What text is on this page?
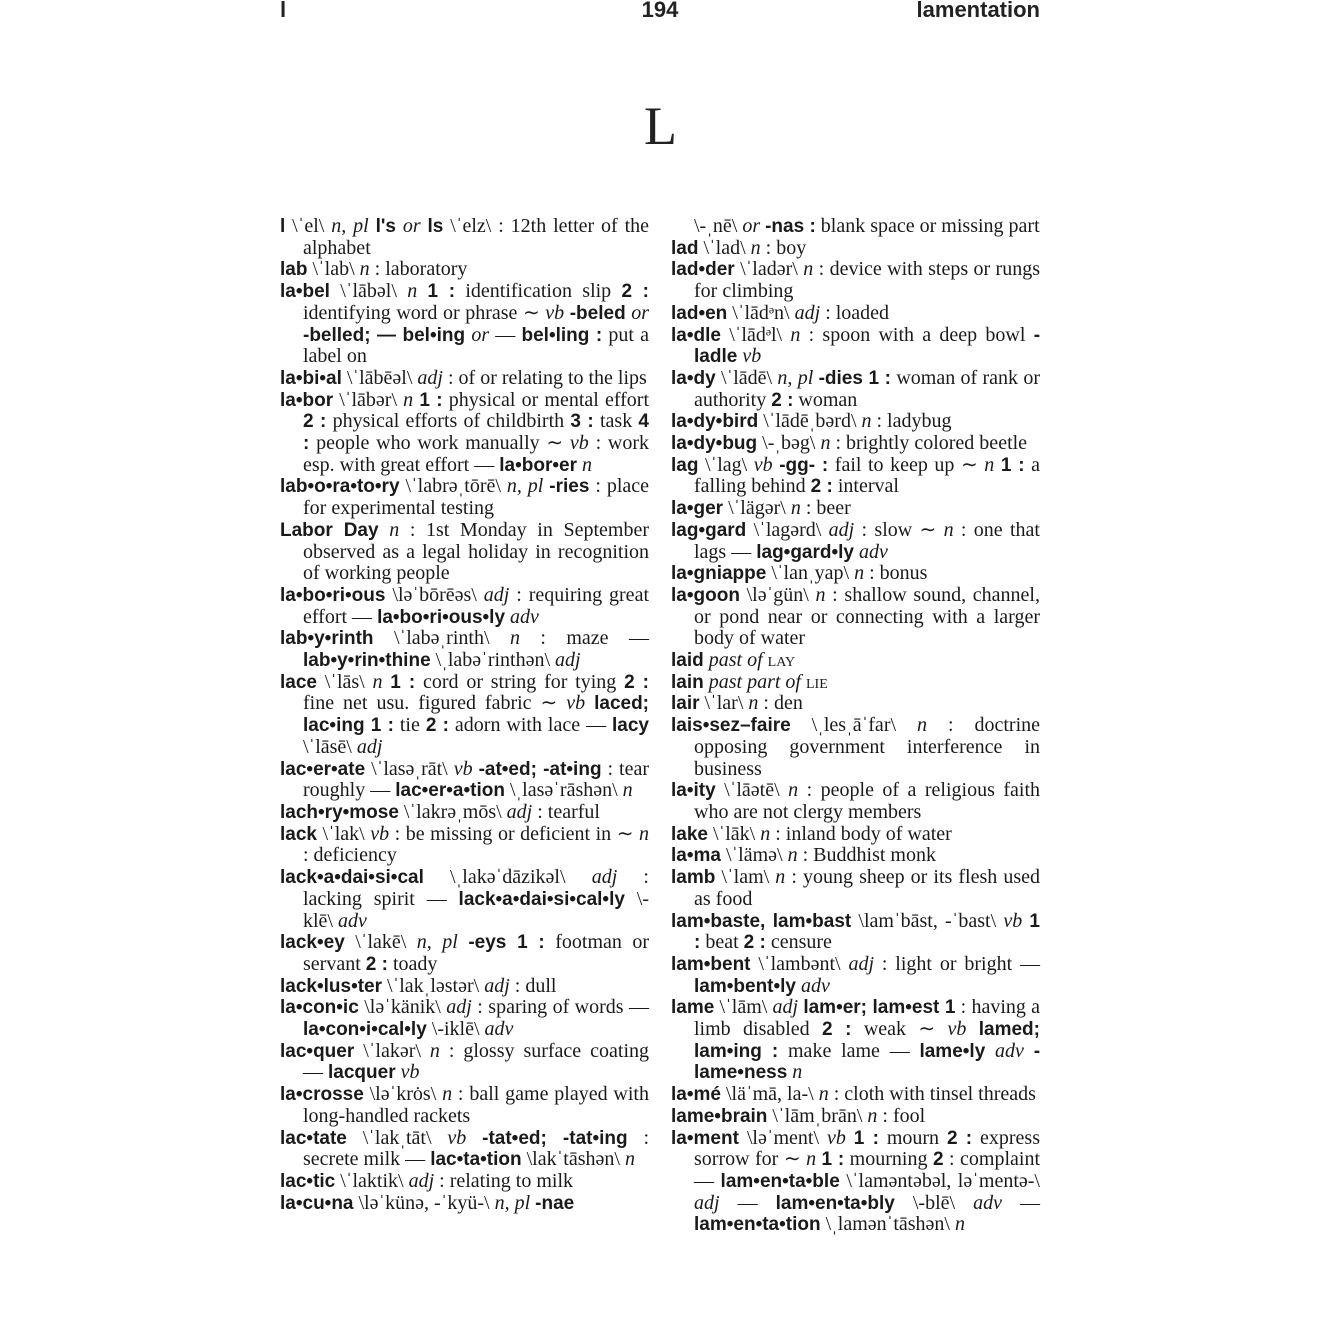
l	194	lamentation
L

l \ˈel\ n, pl l's or ls \ˈelz\ : 12th letter of the alphabet

lab \ˈlab\ n : laboratory

la•bel \ˈlābəl\ n 1 : identification slip 2 : identifying word or phrase ∼ vb -beled or -belled; — bel•ing or — bel•ling : put a label on

la•bi•al \ˈlābēəl\ adj : of or relating to the lips

la•bor \ˈlābər\ n 1 : physical or mental effort 2 : physical efforts of childbirth 3 : task 4 : people who work manually ∼ vb : work esp. with great effort — la•bor•er n

lab•o•ra•to•ry \ˈlabrəˌtōrē\ n, pl -ries : place for experimental testing

Labor Day n : 1st Monday in September observed as a legal holiday in recognition of working people

la•bo•ri•ous \ləˈbōrēəs\ adj : requiring great effort — la•bo•ri•ous•ly adv

lab•y•rinth \ˈlabəˌrinth\ n : maze — lab•y•rin•thine \ˌlabəˈrinthən\ adj

lace \ˈlās\ n 1 : cord or string for tying 2 : fine net usu. figured fabric ∼ vb laced; lac•ing 1 : tie 2 : adorn with lace — lacy \ˈlāsē\ adj

lac•er•ate \ˈlasəˌrāt\ vb -at•ed; -at•ing : tear roughly — lac•er•a•tion \ˌlasəˈrāshən\ n

lach•ry•mose \ˈlakrəˌmōs\ adj : tearful

lack \ˈlak\ vb : be missing or deficient in ∼ n : deficiency

lack•a•dai•si•cal \ˌlakəˈdāzikəl\ adj : lacking spirit — lack•a•dai•si•cal•ly \-klē\ adv

lack•ey \ˈlakē\ n, pl -eys 1 : footman or servant 2 : toady

lack•lus•ter \ˈlakˌləstər\ adj : dull

la•con•ic \ləˈkänik\ adj : sparing of words — la•con•i•cal•ly \-iklē\ adv

lac•quer \ˈlakər\ n : glossy surface coating — lacquer vb

la•crosse \ləˈkrȯs\ n : ball game played with long-handled rackets

lac•tate \ˈlakˌtāt\ vb -tat•ed; -tat•ing : secrete milk — lac•ta•tion \lakˈtāshən\ n

lac•tic \ˈlaktik\ adj : relating to milk

la•cu•na \ləˈkünə, -ˈkyü-\ n, pl -nae

\-ˌnē\ or -nas : blank space or missing part

lad \ˈlad\ n : boy

lad•der \ˈladər\ n : device with steps or rungs for climbing

lad•en \ˈlādᵊn\ adj : loaded

la•dle \ˈlādᵊl\ n : spoon with a deep bowl -ladle vb

la•dy \ˈlādē\ n, pl -dies 1 : woman of rank or authority 2 : woman

la•dy•bird \ˈlādēˌbərd\ n : ladybug

la•dy•bug \-ˌbəg\ n : brightly colored beetle

lag \ˈlag\ vb -gg- : fail to keep up ∼ n 1 : a falling behind 2 : interval

la•ger \ˈlägər\ n : beer

lag•gard \ˈlagərd\ adj : slow ∼ n : one that lags — lag•gard•ly adv

la•gniappe \ˈlanˌyap\ n : bonus

la•goon \ləˈgün\ n : shallow sound, channel, or pond near or connecting with a larger body of water

laid past of lay

lain past part of lie

lair \ˈlar\ n : den

lais•sez–faire \ˌlesˌāˈfar\ n : doctrine opposing government interference in business

la•ity \ˈlāətē\ n : people of a religious faith who are not clergy members

lake \ˈlāk\ n : inland body of water

la•ma \ˈlämə\ n : Buddhist monk

lamb \ˈlam\ n : young sheep or its flesh used as food

lam•baste, lam•bast \lamˈbāst, -ˈbast\ vb 1 : beat 2 : censure

lam•bent \ˈlambənt\ adj : light or bright — lam•bent•ly adv

lame \ˈlām\ adj lam•er; lam•est 1 : having a limb disabled 2 : weak ∼ vb lamed; lam•ing : make lame — lame•ly adv -lame•ness n

la•mé \läˈmā, la-\ n : cloth with tinsel threads

lame•brain \ˈlāmˌbrān\ n : fool

la•ment \ləˈment\ vb 1 : mourn 2 : express sorrow for ∼ n 1 : mourning 2 : complaint — lam•en•ta•ble \ˈlaməntəbəl, ləˈmentə-\ adj — lam•en•ta•bly \-blē\ adv — lam•en•ta•tion \ˌlamənˈtāshən\ n
